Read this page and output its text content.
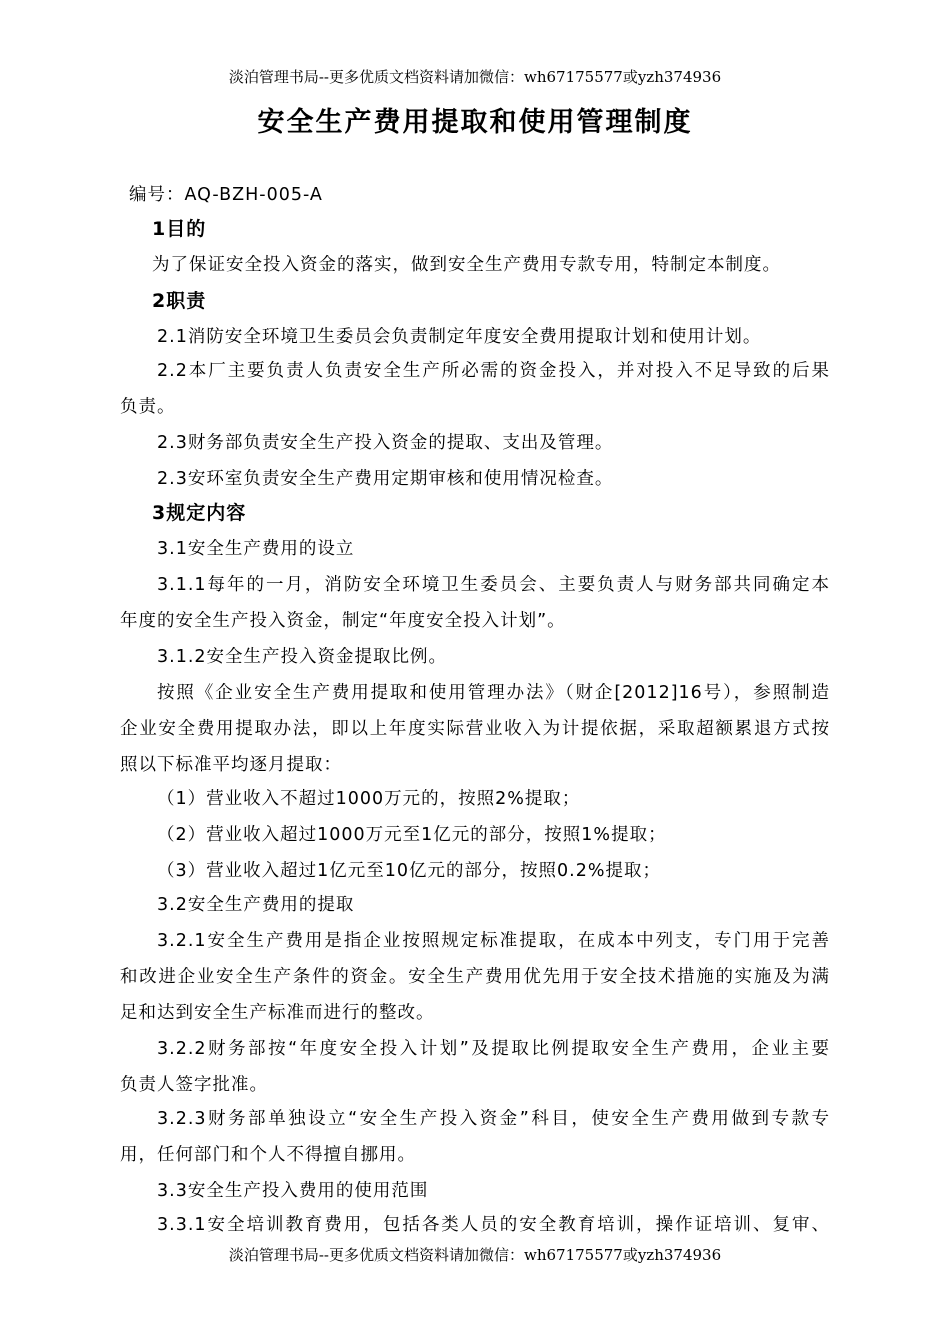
淡泊管理书局--更多优质文档资料请加微信：wh67175577或yzh374936
安全生产费用提取和使用管理制度
编号：AQ-BZH-005-A
1目的
为了保证安全投入资金的落实，做到安全生产费用专款专用，特制定本制度。
2职责
2.1消防安全环境卫生委员会负责制定年度安全费用提取计划和使用计划。
2.2本厂主要负责人负责安全生产所必需的资金投入，并对投入不足导致的后果
负责。
2.3财务部负责安全生产投入资金的提取、支出及管理。
2.3安环室负责安全生产费用定期审核和使用情况检查。
3规定内容
3.1安全生产费用的设立
3.1.1每年的一月，消防安全环境卫生委员会、主要负责人与财务部共同确定本
年度的安全生产投入资金，制定“年度安全投入计划”。
3.1.2安全生产投入资金提取比例。
按照《企业安全生产费用提取和使用管理办法》（财企[2012]16号），参照制造
企业安全费用提取办法，即以上年度实际营业收入为计提依据，采取超额累退方式按
照以下标准平均逐月提取：
（1）营业收入不超过1000万元的，按照2%提取；
（2）营业收入超过1000万元至1亿元的部分，按照1%提取；
（3）营业收入超过1亿元至10亿元的部分，按照0.2%提取；
3.2安全生产费用的提取
3.2.1安全生产费用是指企业按照规定标准提取，在成本中列支，专门用于完善
和改进企业安全生产条件的资金。安全生产费用优先用于安全技术措施的实施及为满
足和达到安全生产标准而进行的整改。
3.2.2财务部按“年度安全投入计划”及提取比例提取安全生产费用，企业主要
负责人签字批准。
3.2.3财务部单独设立“安全生产投入资金”科目，使安全生产费用做到专款专
用，任何部门和个人不得擅自挪用。
3.3安全生产投入费用的使用范围
3.3.1安全培训教育费用，包括各类人员的安全教育培训，操作证培训、复审、
淡泊管理书局--更多优质文档资料请加微信：wh67175577或yzh374936
